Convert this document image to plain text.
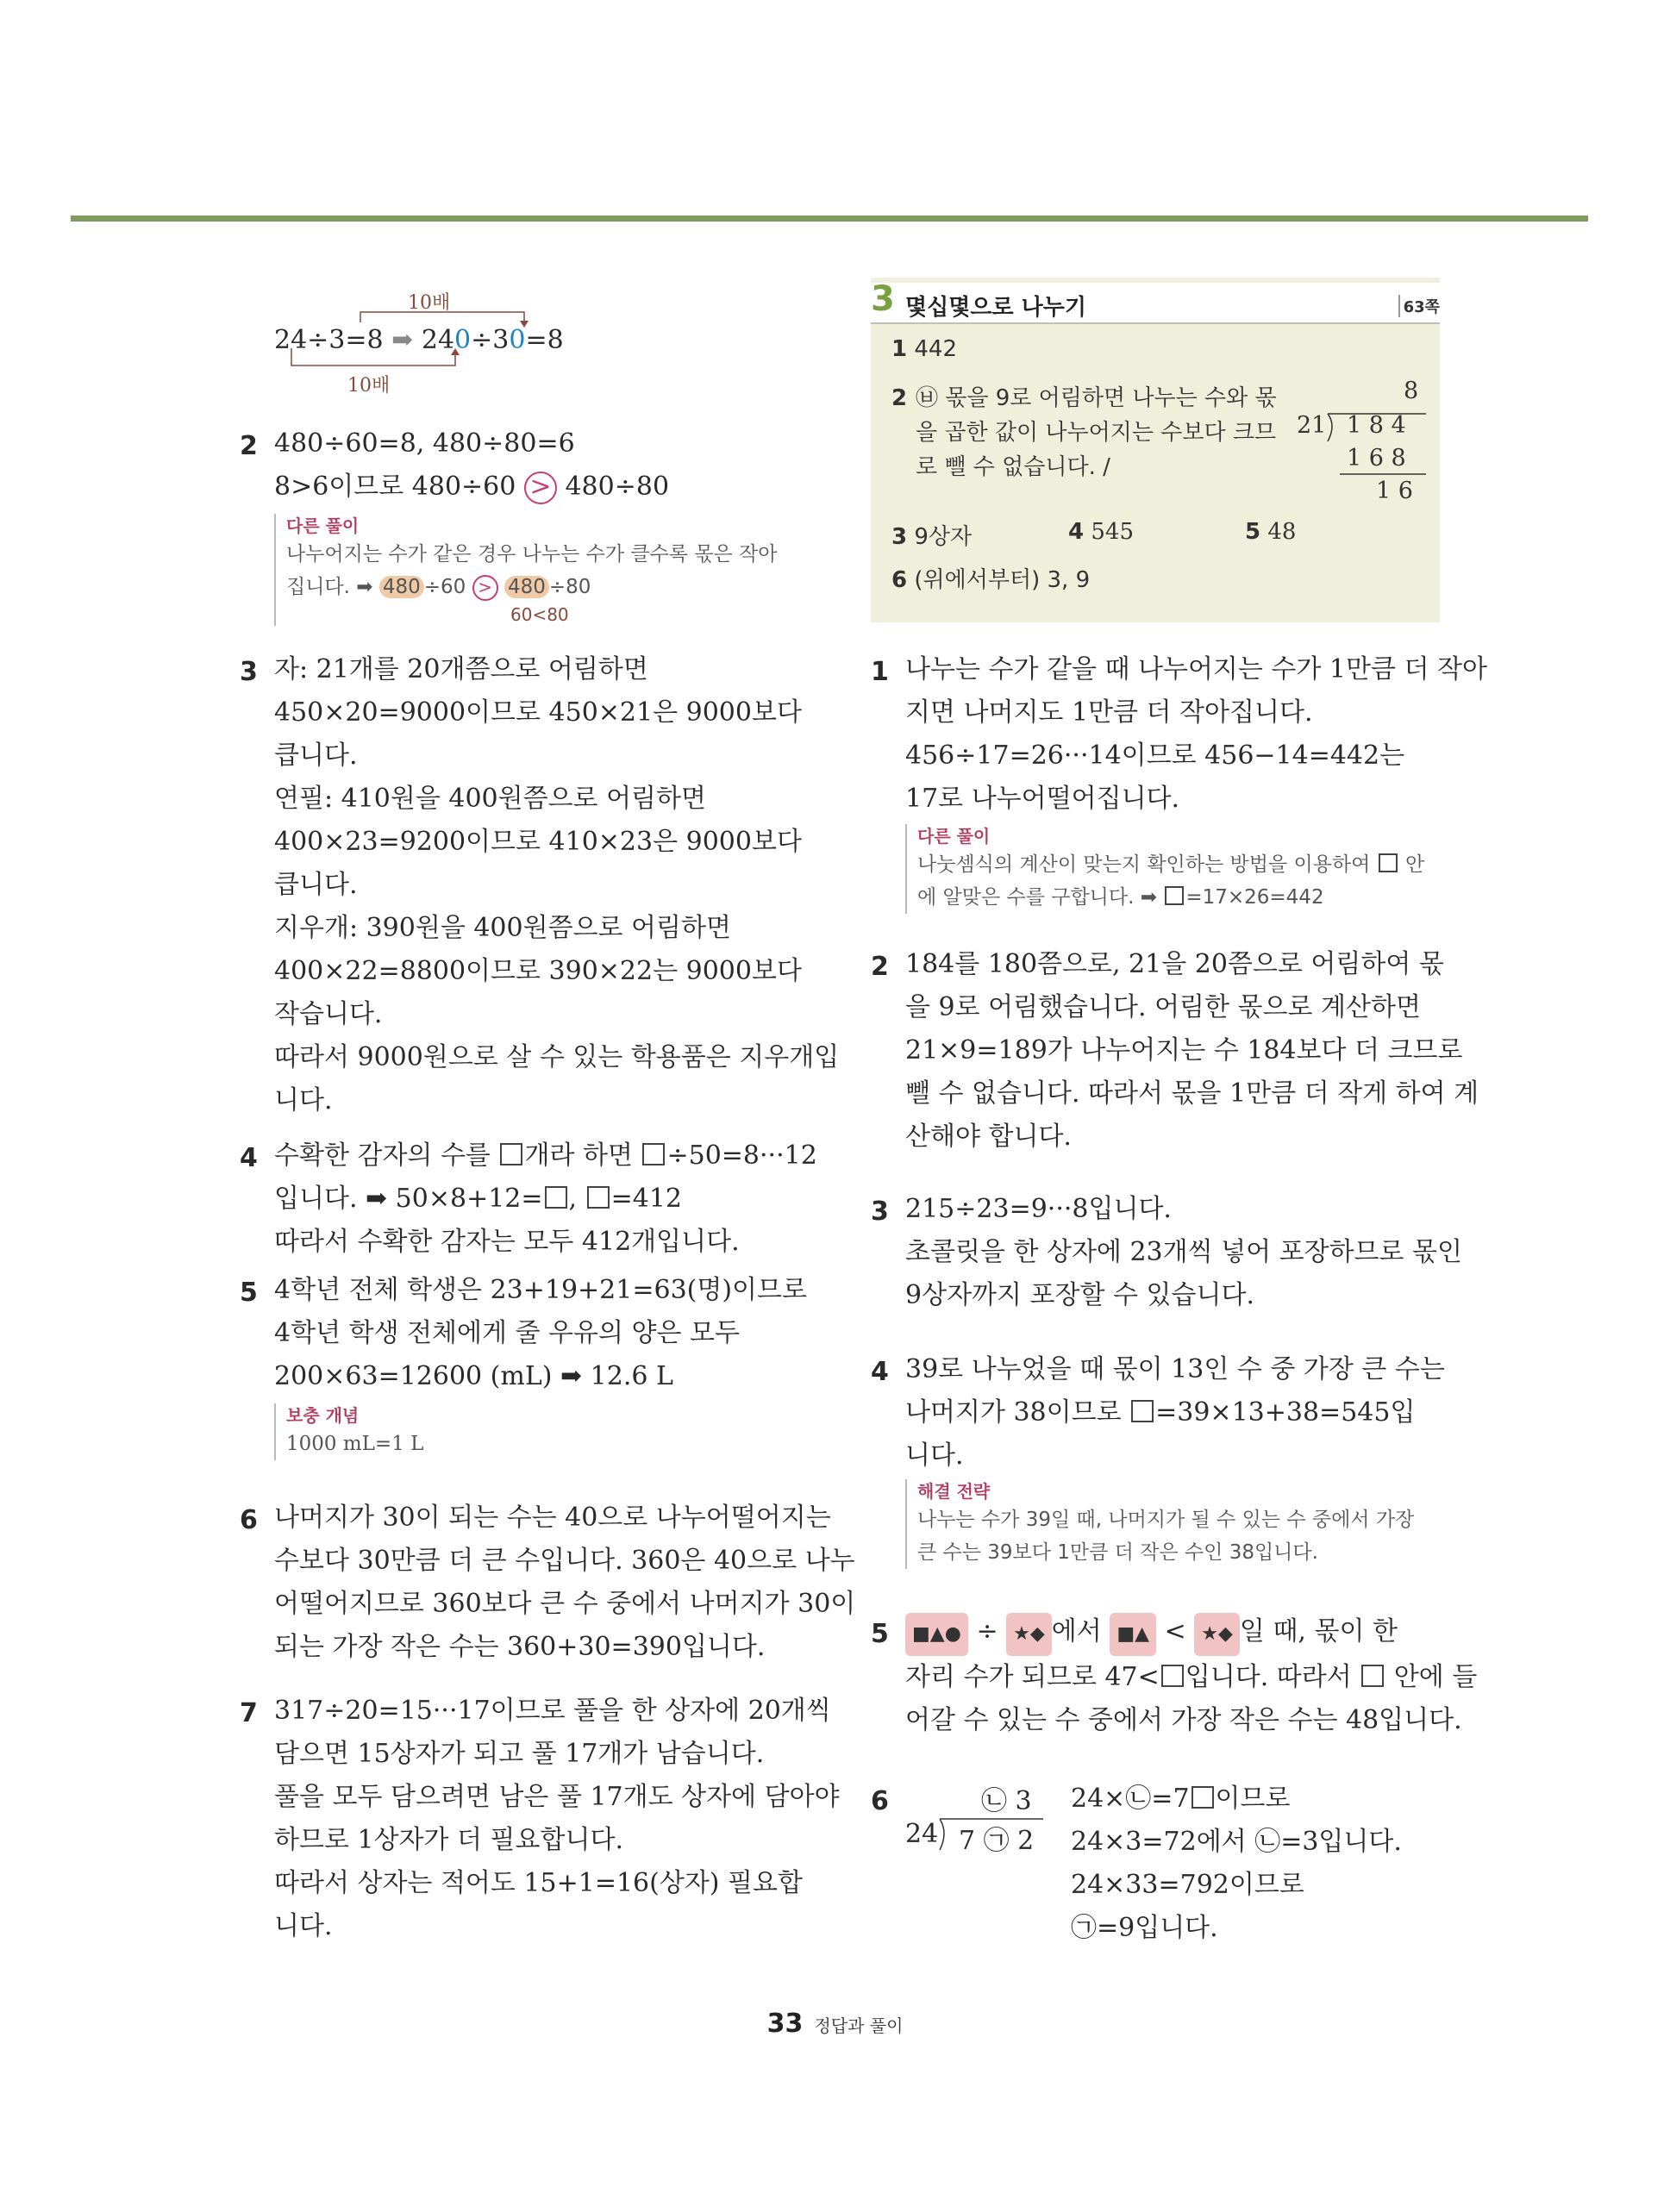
10배
10배
24÷3=8 ➡ 240÷30=8
2 480÷60=8, 480÷80=6
8>6이므로 480÷60 > 480÷80
다른 풀이
나누어지는 수가 같은 경우 나누는 수가 클수록 몫은 작아
집니다. ➡ 480 ÷60 > 480 ÷80
60<80
3 자: 21개를 20개쯤으로 어림하면
450×20=9000이므로 450×21은 9000보다
큽니다.
연필: 410원을 400원쯤으로 어림하면
400×23=9200이므로 410×23은 9000보다
큽니다.
지우개: 390원을 400원쯤으로 어림하면
400×22=8800이므로 390×22는 9000보다
작습니다.
따라서 9000원으로 살 수 있는 학용품은 지우개입
니다.
4 수확한 감자의 수를 개라 하면 ÷50=8···12
입니다. ➡ 50×8+12= , =412
따라서 수확한 감자는 모두 412개입니다.
5 4학년 전체 학생은 23+19+21=63(명)이므로
4학년 학생 전체에게 줄 우유의 양은 모두
200×63=12600 (mL) ➡ 12.6 L
보충 개념
1000 mL=1 L
6 나머지가 30이 되는 수는 40으로 나누어떨어지는
수보다 30만큼 더 큰 수입니다. 360은 40으로 나누
어떨어지므로 360보다 큰 수 중에서 나머지가 30이
되는 가장 작은 수는 360+30=390입니다.
7 317÷20=15···17이므로 풀을 한 상자에 20개씩
담으면 15상자가 되고 풀 17개가 남습니다.
풀을 모두 담으려면 남은 풀 17개도 상자에 담아야
하므로 1상자가 더 필요합니다.
따라서 상자는 적어도 15+1=16(상자) 필요합
니다.
3 몇십몇으로 나누기	63쪽
1 442
2 ㉥ 몫을 9로 어림하면 나누는 수와 몫
을 곱한 값이 나누어지는 수보다 크므
로 뺄 수 없습니다. /
8
21 1 8 4
1 6 8
1 6
3 9상자	4 545	5 48
6 (위에서부터) 3, 9
1 나누는 수가 같을 때 나누어지는 수가 1만큼 더 작아
지면 나머지도 1만큼 더 작아집니다.
456÷17=26···14이므로 456−14=442는
17로 나누어떨어집니다.
다른 풀이
나눗셈식의 계산이 맞는지 확인하는 방법을 이용하여 안
에 알맞은 수를 구합니다. ➡ =17×26=442
2 184를 180쯤으로, 21을 20쯤으로 어림하여 몫
을 9로 어림했습니다. 어림한 몫으로 계산하면
21×9=189가 나누어지는 수 184보다 더 크므로
뺄 수 없습니다. 따라서 몫을 1만큼 더 작게 하여 계
산해야 합니다.
3 215÷23=9···8입니다.
초콜릿을 한 상자에 23개씩 넣어 포장하므로 몫인
9상자까지 포장할 수 있습니다.
4 39로 나누었을 때 몫이 13인 수 중 가장 큰 수는
나머지가 38이므로 =39×13+38=545입
니다.
해결 전략
나누는 수가 39일 때, 나머지가 될 수 있는 수 중에서 가장
큰 수는 39보다 1만큼 더 작은 수인 38입니다.
5	■▲● ÷ ★◆ 에서 ■▲ < ★◆ 일 때, 몫이 한
자리 수가 되므로 47< 입니다. 따라서 안에 들
어갈 수 있는 수 중에서 가장 작은 수는 48입니다.
6	㉡ 3
24 7 ㉠ 2
24×㉡=7 이므로
24×3=72에서 ㉡=3입니다.
24×33=792이므로
㉠=9입니다.
33 정답과 풀이
